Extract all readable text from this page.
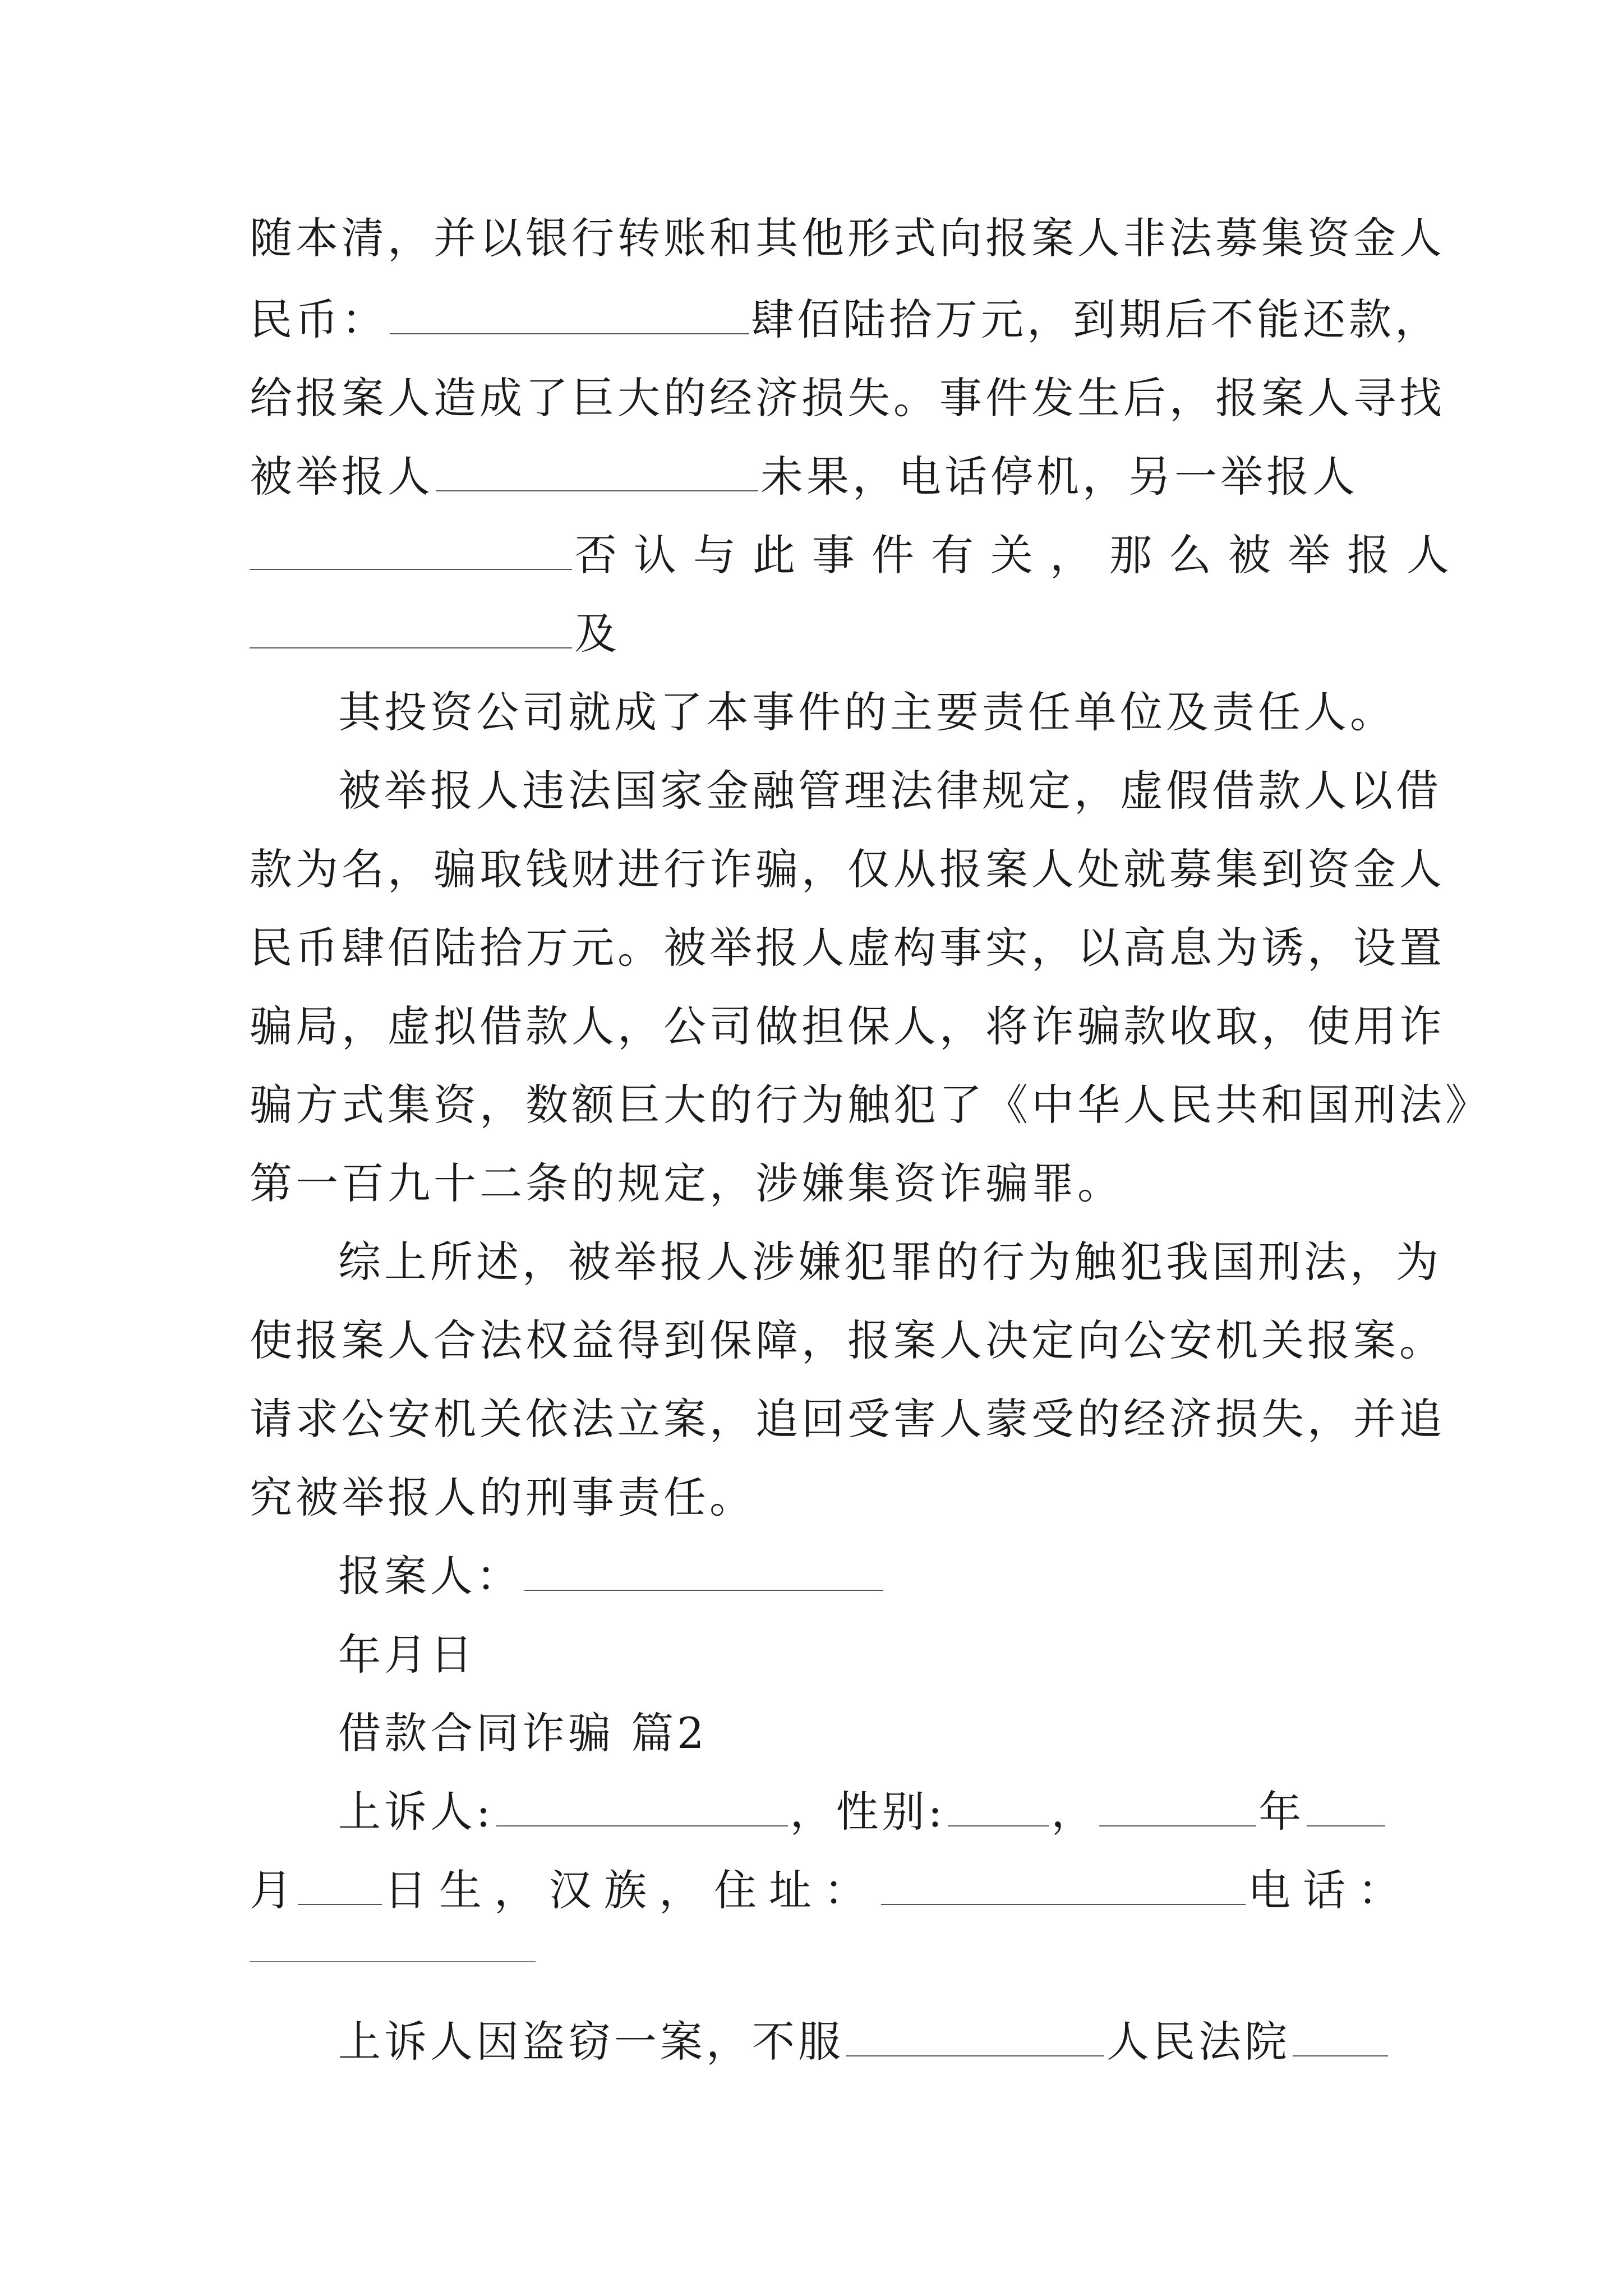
随本清，并以银行转账和其他形式向报案人非法募集资金人
民币：	肆佰陆拾万元，到期后不能还款，
给报案人造成了巨大的经济损失。事件发生后，报案人寻找
被举报人	未果，电话停机，另一举报人
否认与此事件有关，那么被举报人
及
其投资公司就成了本事件的主要责任单位及责任人。
被举报人违法国家金融管理法律规定，虚假借款人以借
款为名，骗取钱财进行诈骗，仅从报案人处就募集到资金人
民币肆佰陆拾万元。被举报人虚构事实，以高息为诱，设置
骗局，虚拟借款人，公司做担保人，将诈骗款收取，使用诈
骗方式集资，数额巨大的行为触犯了《中华人民共和国刑法》
第一百九十二条的规定，涉嫌集资诈骗罪。
综上所述，被举报人涉嫌犯罪的行为触犯我国刑法，为
使报案人合法权益得到保障，报案人决定向公安机关报案。
请求公安机关依法立案，追回受害人蒙受的经济损失，并追
究被举报人的刑事责任。
报案人：
年月日
借款合同诈骗 篇2
上诉人:	，性别: ，	年
月 日生，汉族，住址：	电话：
上诉人因盗窃一案，不服	人民法院
